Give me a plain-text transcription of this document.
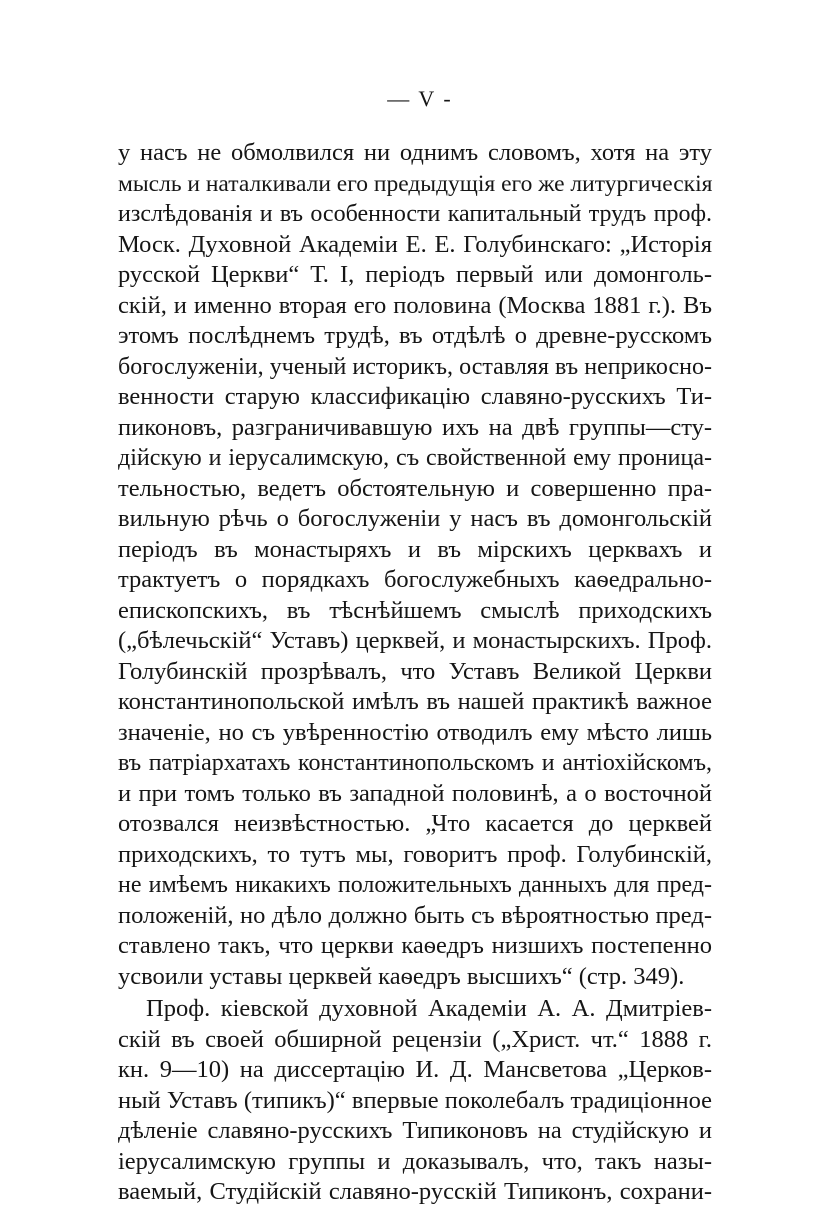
— V -
у насъ не обмолвился ни однимъ словомъ, хотя на эту
мысль и наталкивали его предыдущія его же литургическія
изслѣдованія и въ особенности капитальный трудъ проф.
Моск. Духовной Академіи Е. Е. Голубинскаго: „Исторія
русской Церкви“ Т. I, періодъ первый или домонголь-
скій, и именно вторая его половина (Москва 1881 г.). Въ
этомъ послѣднемъ трудѣ, въ отдѣлѣ о древне-русскомъ
богослуженіи, ученый историкъ, оставляя въ неприкосно-
венности старую классификацію славяно-русскихъ Ти-
пиконовъ, разграничивавшую ихъ на двѣ группы—сту-
дійскую и іерусалимскую, съ свойственной ему проница-
тельностью, ведетъ обстоятельную и совершенно пра-
вильную рѣчь о богослуженіи у насъ въ домонгольскій
періодъ въ монастыряхъ и въ мірскихъ церквахъ и
трактуетъ о порядкахъ богослужебныхъ каѳедрально-
епископскихъ, въ тѣснѣйшемъ смыслѣ приходскихъ
(„бѣлечьскій“ Уставъ) церквей, и монастырскихъ. Проф.
Голубинскій прозрѣвалъ, что Уставъ Великой Церкви
константинопольской имѣлъ въ нашей практикѣ важное
значеніе, но съ увѣренностію отводилъ ему мѣсто лишь
въ патріархатахъ константинопольскомъ и антіохійскомъ,
и при томъ только въ западной половинѣ, а о восточной
отозвался неизвѣстностью. „Что касается до церквей
приходскихъ, то тутъ мы, говоритъ проф. Голубинскій,
не имѣемъ никакихъ положительныхъ данныхъ для пред-
положеній, но дѣло должно быть съ вѣроятностью пред-
ставлено такъ, что церкви каѳедръ низшихъ постепенно
усвоили уставы церквей каѳедръ высшихъ“ (стр. 349).
Проф. кіевской духовной Академіи А. А. Дмитріев-
скій въ своей обширной рецензіи („Христ. чт.“ 1888 г.
кн. 9—10) на диссертацію И. Д. Мансветова „Церков-
ный Уставъ (типикъ)“ впервые поколебалъ традиціонное
дѣленіе славяно-русскихъ Типиконовъ на студійскую и
іерусалимскую группы и доказывалъ, что, такъ назы-
ваемый, Студійскій славяно-русскій Типиконъ, сохрани-
